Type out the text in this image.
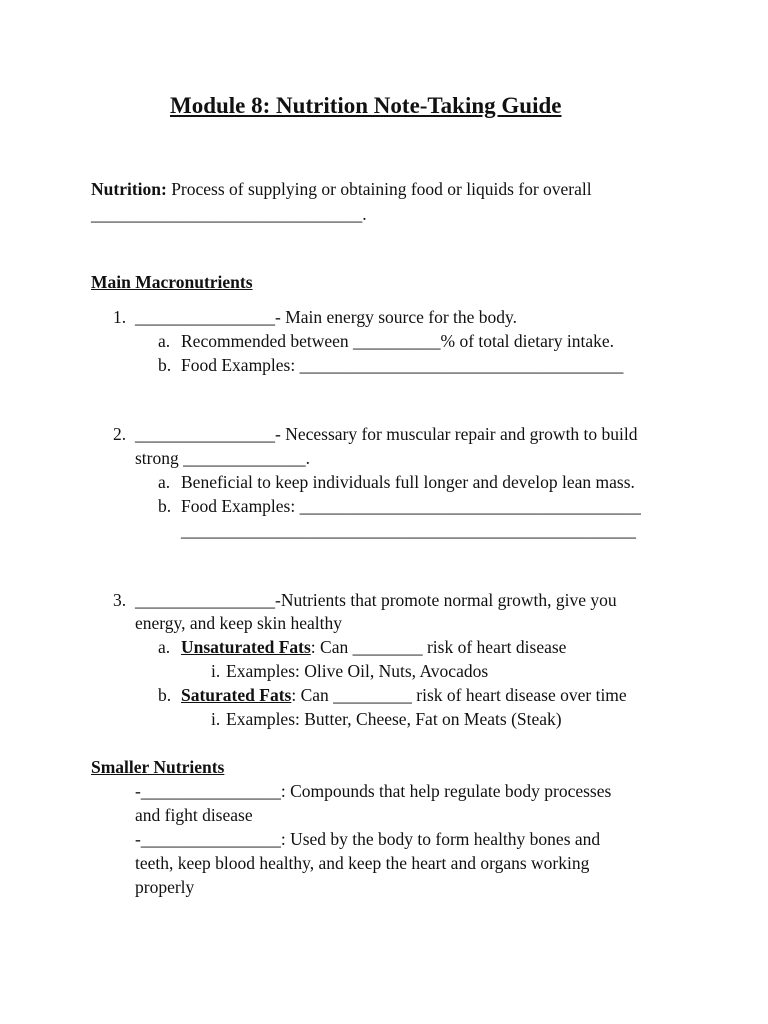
Module 8: Nutrition Note-Taking Guide
Nutrition: Process of supplying or obtaining food or liquids for overall
_______________________________.
Main Macronutrients
1. ________________- Main energy source for the body.
a. Recommended between __________% of total dietary intake.
b. Food Examples: _____________________________________
2. ________________- Necessary for muscular repair and growth to build
strong ______________.
a. Beneficial to keep individuals full longer and develop lean mass.
b. Food Examples: _______________________________________
____________________________________________________
3. ________________-Nutrients that promote normal growth, give you
energy, and keep skin healthy
a. Unsaturated Fats: Can ________ risk of heart disease
i. Examples: Olive Oil, Nuts, Avocados
b. Saturated Fats: Can _________ risk of heart disease over time
i. Examples: Butter, Cheese, Fat on Meats (Steak)
Smaller Nutrients
-________________: Compounds that help regulate body processes
and fight disease
-________________: Used by the body to form healthy bones and
teeth, keep blood healthy, and keep the heart and organs working
properly
